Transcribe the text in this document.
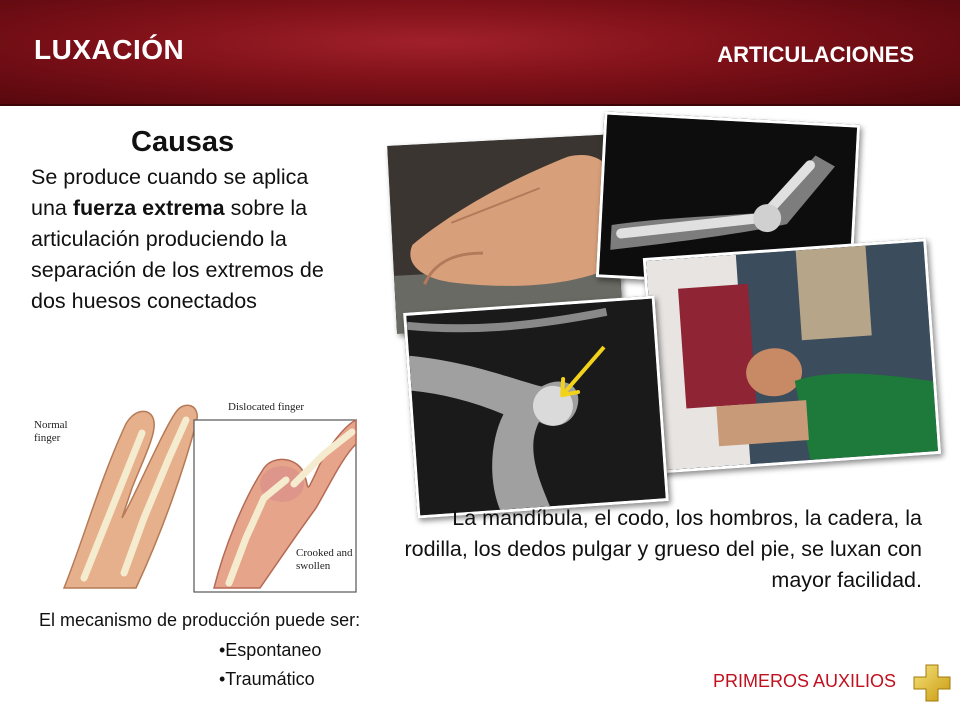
LUXACIÓN	ARTICULACIONES
Causas
Se produce cuando se aplica una fuerza extrema sobre la articulación produciendo la separación de los extremos de dos huesos conectados
Normal
finger
Dislocated finger
Crooked and
swollen
La mandíbula, el codo, los hombros, la cadera, la rodilla, los dedos pulgar y grueso del pie, se luxan con mayor facilidad.
El mecanismo de producción puede ser:
•Espontaneo
•Traumático	PRIMEROS AUXILIOS
